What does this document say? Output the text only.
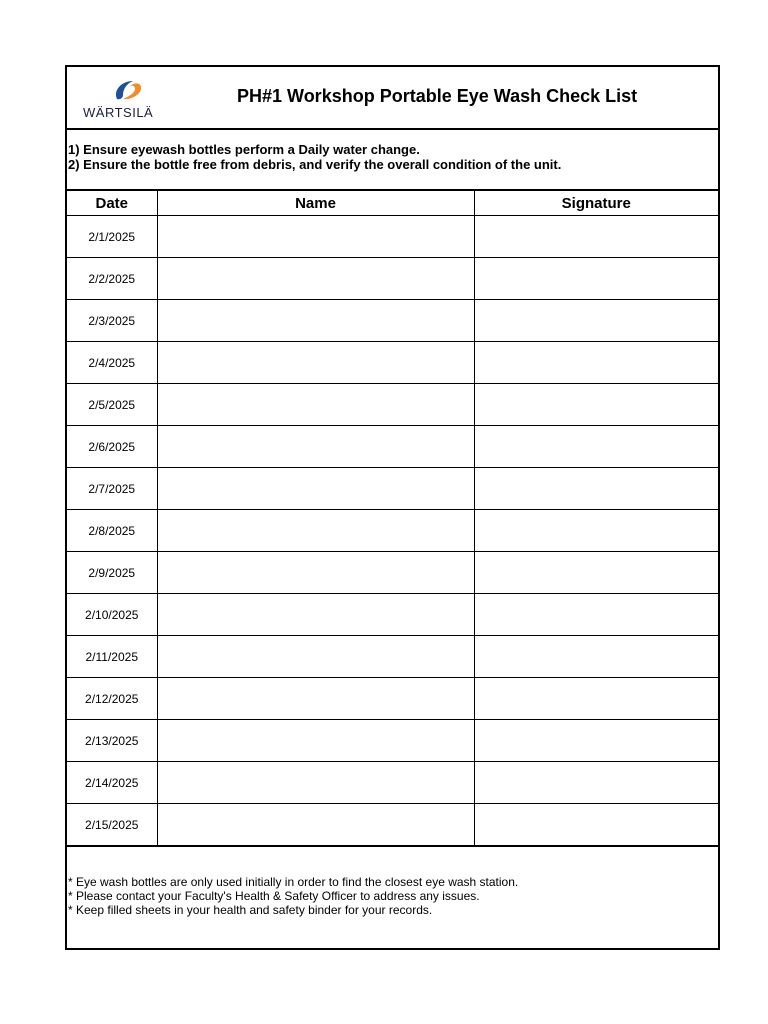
WÄRTSILÄ
PH#1 Workshop Portable Eye Wash Check List
1) Ensure eyewash bottles perform a Daily water change.
2) Ensure the bottle free from debris, and verify the overall condition of the unit.
Date	Name	Signature
2/1/2025		
2/2/2025		
2/3/2025		
2/4/2025		
2/5/2025		
2/6/2025		
2/7/2025		
2/8/2025		
2/9/2025		
2/10/2025		
2/11/2025		
2/12/2025		
2/13/2025		
2/14/2025		
2/15/2025		
* Eye wash bottles are only used initially in order to find the closest eye wash station.
* Please contact your Faculty's Health & Safety Officer to address any issues.
* Keep filled sheets in your health and safety binder for your records.
